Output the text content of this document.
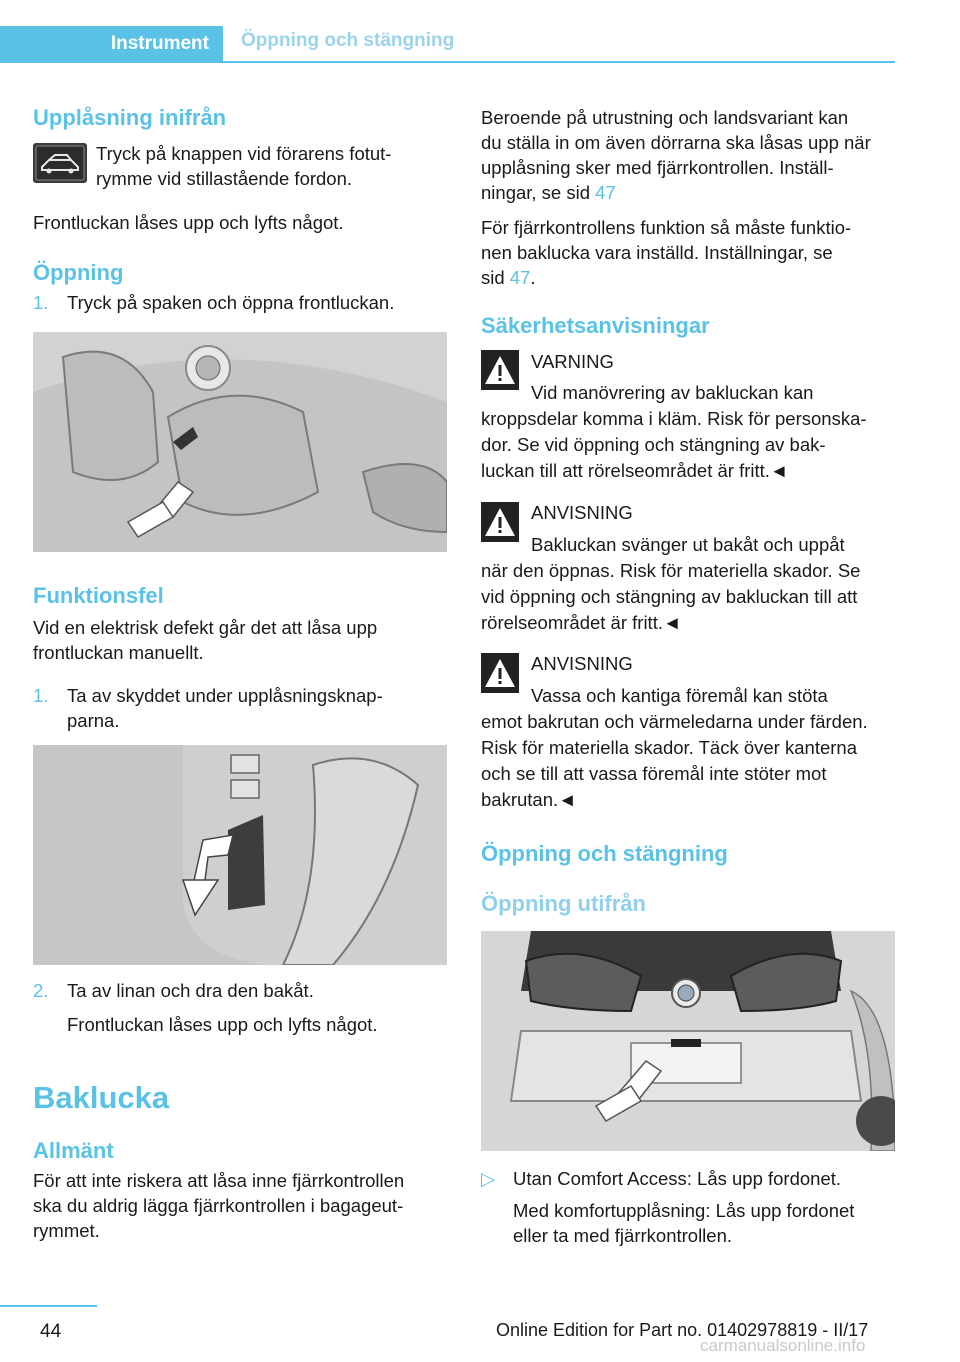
Instrument	Öppning och stängning
Upplåsning inifrån
Tryck på knappen vid förarens fotut‐
rymme vid stillastående fordon.
Frontluckan låses upp och lyfts något.
Öppning
1. Tryck på spaken och öppna frontluckan.
Funktionsfel
Vid en elektrisk defekt går det att låsa upp
frontluckan manuellt.
1. Ta av skyddet under upplåsningsknap‐
parna.
2. Ta av linan och dra den bakåt.
Frontluckan låses upp och lyfts något.
Baklucka
Allmänt
För att inte riskera att låsa inne fjärrkontrollen
ska du aldrig lägga fjärrkontrollen i bagageut‐
rymmet.
Beroende på utrustning och landsvariant kan
du ställa in om även dörrarna ska låsas upp när
upplåsning sker med fjärrkontrollen. Inställ‐
ningar, se sid 47
För fjärrkontrollens funktion så måste funktio‐
nen baklucka vara inställd. Inställningar, se
sid 47.
Säkerhetsanvisningar
VARNING
Vid manövrering av bakluckan kan
kroppsdelar komma i kläm. Risk för personska‐
dor. Se vid öppning och stängning av bak‐
luckan till att rörelseområdet är fritt.◄
ANVISNING
Bakluckan svänger ut bakåt och uppåt
när den öppnas. Risk för materiella skador. Se
vid öppning och stängning av bakluckan till att
rörelseområdet är fritt.◄
ANVISNING
Vassa och kantiga föremål kan stöta
emot bakrutan och värmeledarna under färden.
Risk för materiella skador. Täck över kanterna
och se till att vassa föremål inte stöter mot
bakrutan.◄
Öppning och stängning
Öppning utifrån
▷ Utan Comfort Access: Lås upp fordonet.
Med komfortupplåsning: Lås upp fordonet
eller ta med fjärrkontrollen.
44	Online Edition for Part no. 01402978819 - II/17
carmanualsonline.info
